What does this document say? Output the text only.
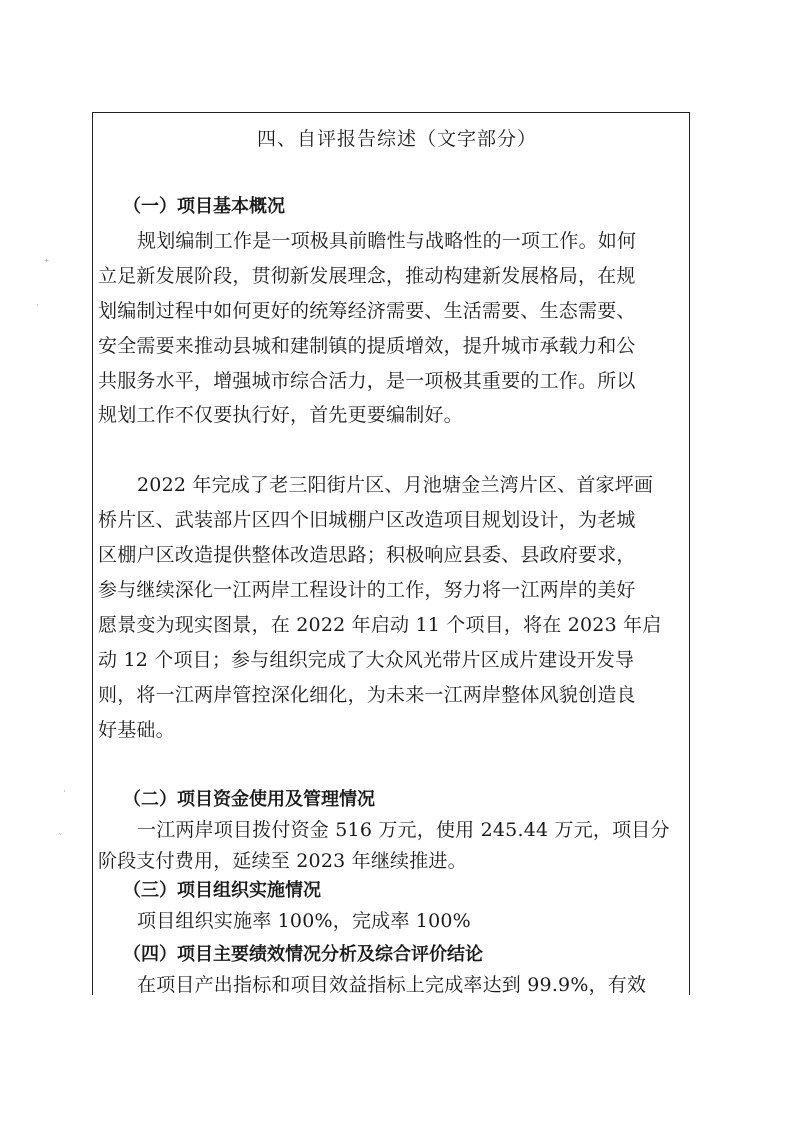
四、自评报告综述（文字部分）
（一）项目基本概况
规划编制工作是一项极具前瞻性与战略性的一项工作。如何
立足新发展阶段，贯彻新发展理念，推动构建新发展格局，在规
划编制过程中如何更好的统筹经济需要、生活需要、生态需要、
安全需要来推动县城和建制镇的提质增效，提升城市承载力和公
共服务水平，增强城市综合活力，是一项极其重要的工作。所以
规划工作不仅要执行好，首先更要编制好。
2022 年完成了老三阳街片区、月池塘金兰湾片区、首家坪画
桥片区、武装部片区四个旧城棚户区改造项目规划设计，为老城
区棚户区改造提供整体改造思路；积极响应县委、县政府要求，
参与继续深化一江两岸工程设计的工作，努力将一江两岸的美好
愿景变为现实图景，在 2022 年启动 11 个项目，将在 2023 年启
动 12 个项目；参与组织完成了大众风光带片区成片建设开发导
则，将一江两岸管控深化细化，为未来一江两岸整体风貌创造良
好基础。
（二）项目资金使用及管理情况
一江两岸项目拨付资金 516 万元，使用 245.44 万元，项目分
阶段支付费用，延续至 2023 年继续推进。
（三）项目组织实施情况
项目组织实施率 100%，完成率 100%
（四）项目主要绩效情况分析及综合评价结论
在项目产出指标和项目效益指标上完成率达到 99.9%，有效
⁺
⸒
˙
ˋ
